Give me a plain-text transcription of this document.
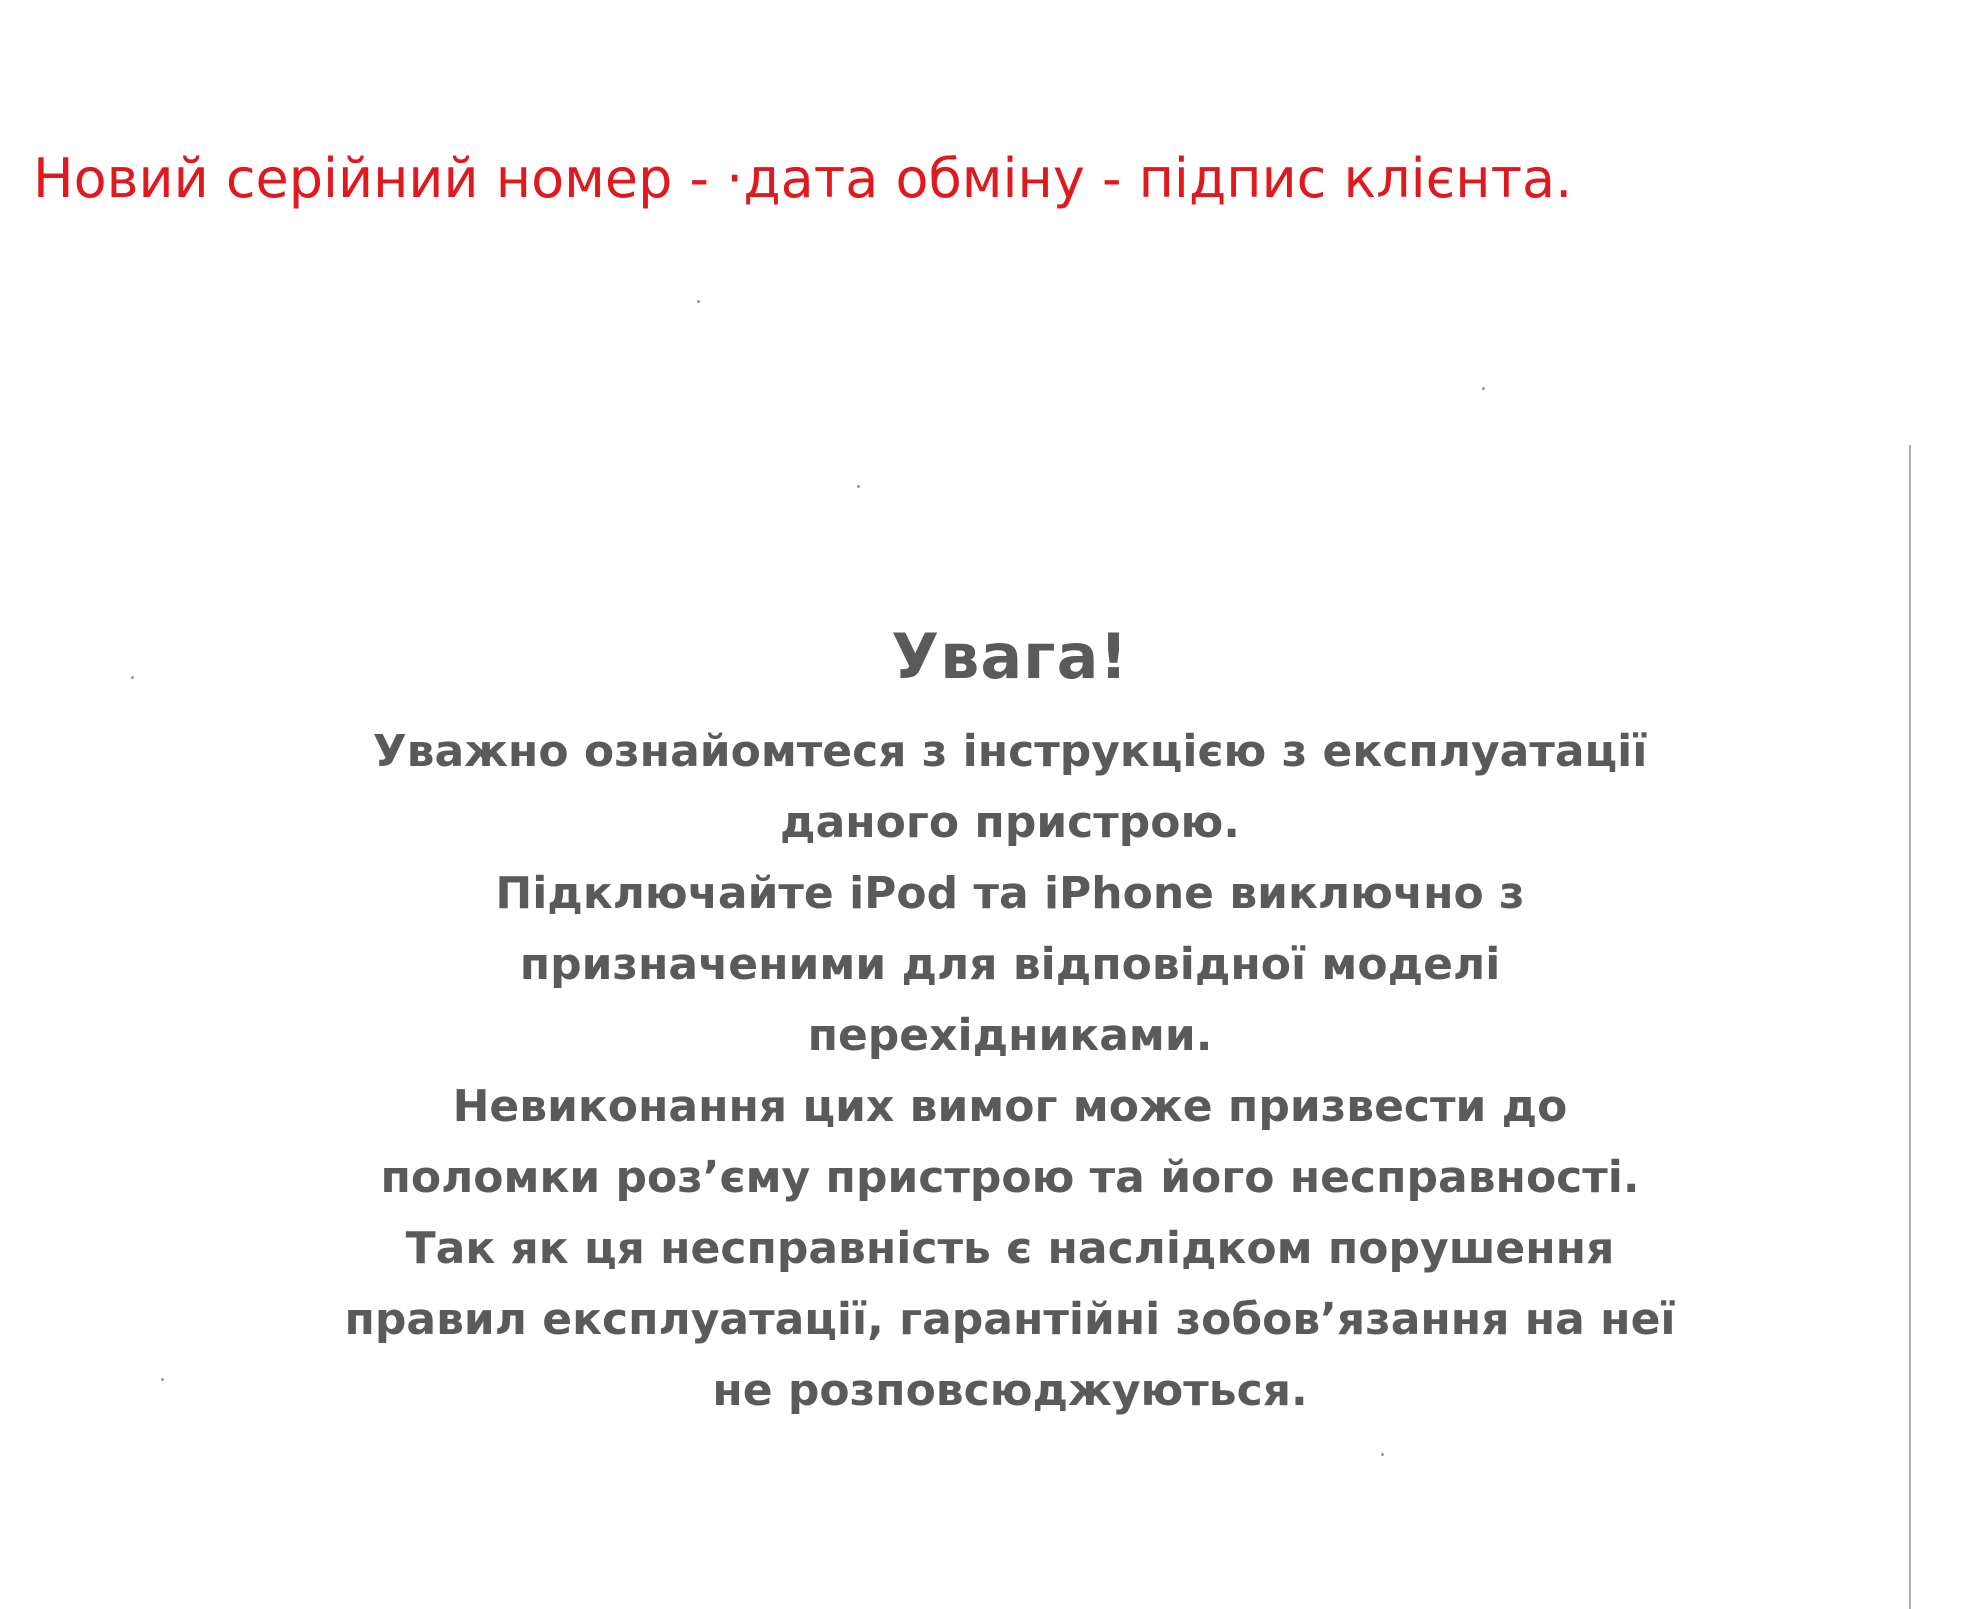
Новий серійний номер - ·дата обміну - підпис клієнта.

Увага!

Уважно ознайомтеся з інструкцією з експлуатації
даного пристрою.
Підключайте iPod та iPhone виключно з
призначеними для відповідної моделі
перехідниками.
Невиконання цих вимог може призвести до
поломки роз’єму пристрою та його несправності.
Так як ця несправність є наслідком порушення
правил експлуатації, гарантійні зобов’язання на неї
не розповсюджуються.
